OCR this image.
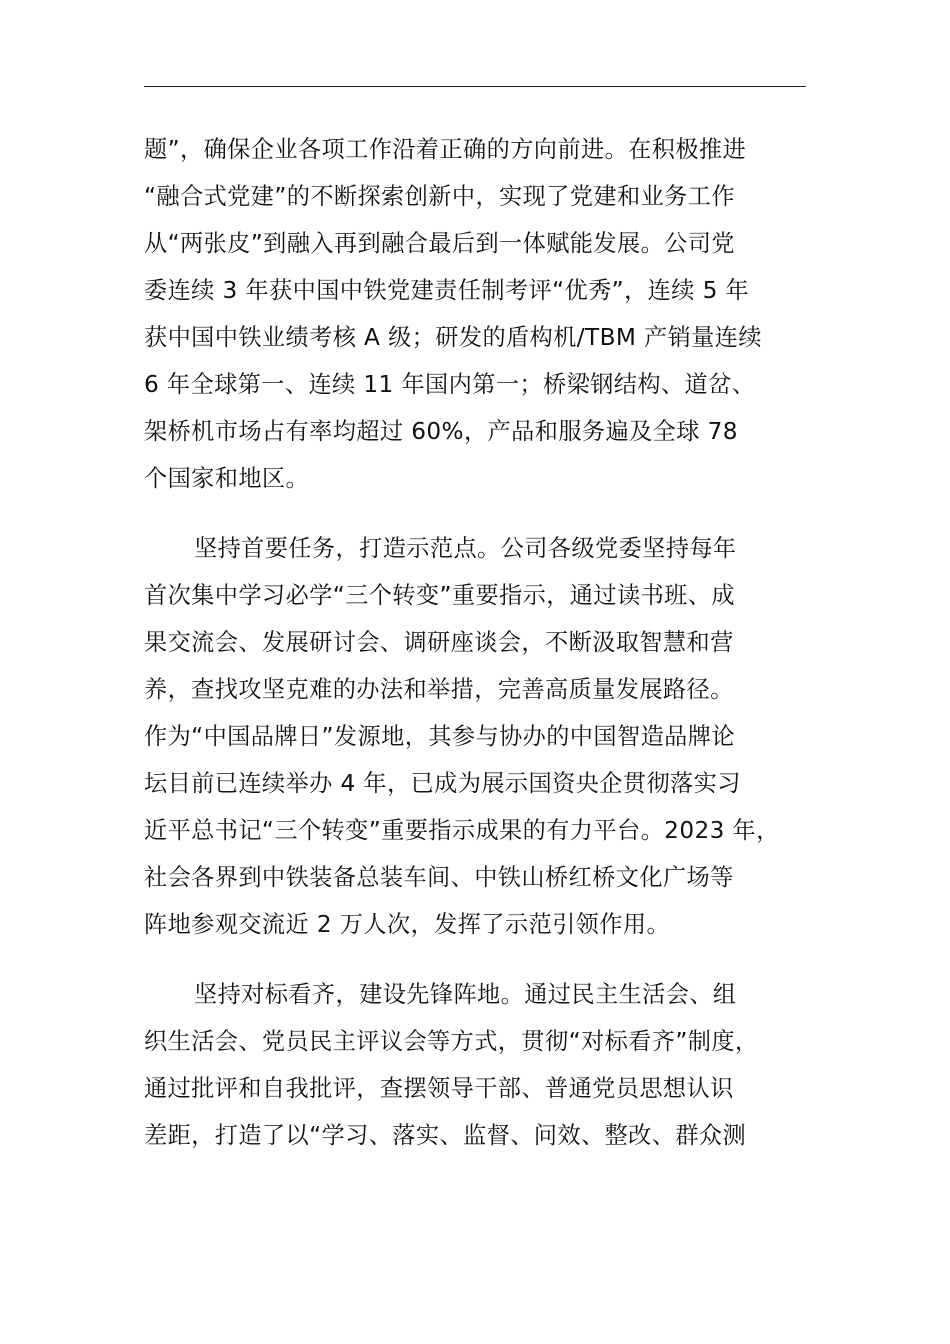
题”，确保企业各项工作沿着正确的方向前进。在积极推进
“融合式党建”的不断探索创新中，实现了党建和业务工作
从“两张皮”到融入再到融合最后到一体赋能发展。公司党
委连续 3 年获中国中铁党建责任制考评“优秀”，连续 5 年
获中国中铁业绩考核 A 级；研发的盾构机/TBM 产销量连续
6 年全球第一、连续 11 年国内第一；桥梁钢结构、道岔、
架桥机市场占有率均超过 60%，产品和服务遍及全球 78
个国家和地区。
坚持首要任务，打造示范点。公司各级党委坚持每年
首次集中学习必学“三个转变”重要指示，通过读书班、成
果交流会、发展研讨会、调研座谈会，不断汲取智慧和营
养，查找攻坚克难的办法和举措，完善高质量发展路径。
作为“中国品牌日”发源地，其参与协办的中国智造品牌论
坛目前已连续举办 4 年，已成为展示国资央企贯彻落实习
近平总书记“三个转变”重要指示成果的有力平台。2023 年，
社会各界到中铁装备总装车间、中铁山桥红桥文化广场等
阵地参观交流近 2 万人次，发挥了示范引领作用。
坚持对标看齐，建设先锋阵地。通过民主生活会、组
织生活会、党员民主评议会等方式，贯彻“对标看齐”制度，
通过批评和自我批评，查摆领导干部、普通党员思想认识
差距，打造了以“学习、落实、监督、问效、整改、群众测
